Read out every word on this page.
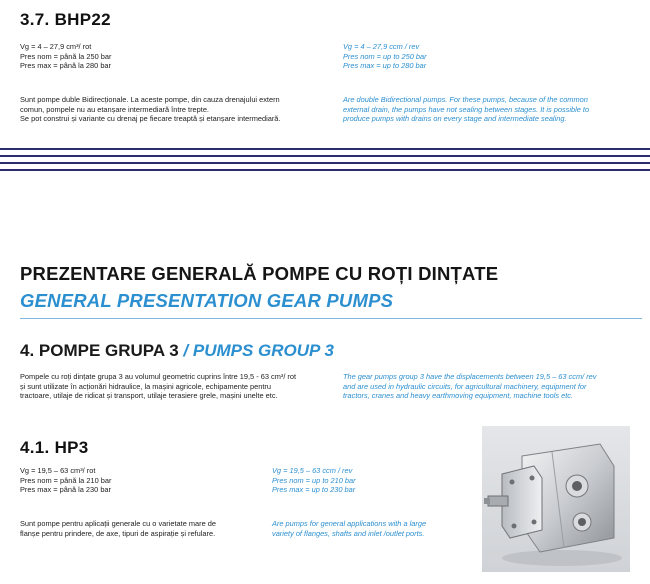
3.7. BHP22
Vg = 4 – 27,9 cm³/ rot
Pres nom = până la 250 bar
Pres max = până la 280 bar
Vg = 4 – 27,9 ccm / rev
Pres nom = up to 250 bar
Pres max = up to 280 bar
Sunt pompe duble Bidirecționale. La aceste pompe, din cauza drenajului extern
comun, pompele nu au etanșare intermediară între trepte.
Se pot construi și variante cu drenaj pe fiecare treaptă și etanșare intermediară.
Are double Bidirectional pumps. For these pumps, because of the common
external drain, the pumps have not sealing between stages. It is possible to
produce pumps with drains on every stage and intermediate sealing.
PREZENTARE GENERALĂ POMPE CU ROȚI DINȚATE
GENERAL PRESENTATION GEAR PUMPS
4. POMPE GRUPA 3 / PUMPS GROUP 3
Pompele cu roți dințate grupa 3 au volumul geometric cuprins între 19,5 - 63 cm³/ rot
și sunt utilizate în acționări hidraulice, la mașini agricole, echipamente pentru
tractoare, utilaje de ridicat și transport, utilaje terasiere grele, mașini unelte etc.
The gear pumps group 3 have the displacements between 19,5 – 63 ccm/ rev
and are used in hydraulic circuits, for agricultural machinery, equipment for
tractors, cranes and heavy earthmoving equipment, machine tools etc.
4.1. HP3
Vg = 19,5 – 63 cm³/ rot
Pres nom = până la 210 bar
Pres max = până la 230 bar
Vg = 19,5 – 63 ccm / rev
Pres nom = up to 210 bar
Pres max = up to 230 bar
Sunt pompe pentru aplicații generale cu o varietate mare de
flanșe pentru prindere, de axe, tipuri de aspirație și refulare.
Are pumps for general applications with a large
variety of flanges, shafts and inlet /outlet ports.
